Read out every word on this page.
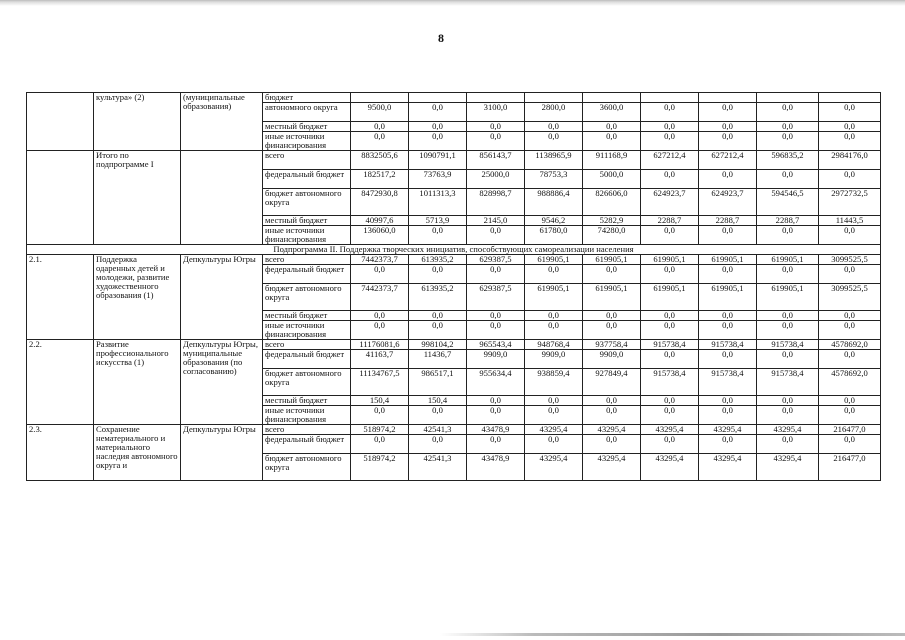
8
	культура» (2)	(муниципальные образования)	бюджет									
			автономного округа	9500,0	0,0	3100,0	2800,0	3600,0	0,0	0,0	0,0	0,0
			местный бюджет	0,0	0,0	0,0	0,0	0,0	0,0	0,0	0,0	0,0
			иные источники финансирования	0,0	0,0	0,0	0,0	0,0	0,0	0,0	0,0	0,0
	Итого по подпрограмме I		всего	8832505,6	1090791,1	856143,7	1138965,9	911168,9	627212,4	627212,4	596835,2	2984176,0
			федеральный бюджет	182517,2	73763,9	25000,0	78753,3	5000,0	0,0	0,0	0,0	0,0
			бюджет автономного округа	8472930,8	1011313,3	828998,7	988886,4	826606,0	624923,7	624923,7	594546,5	2972732,5
			местный бюджет	40997,6	5713,9	2145,0	9546,2	5282,9	2288,7	2288,7	2288,7	11443,5
			иные источники финансирования	136060,0	0,0	0,0	61780,0	74280,0	0,0	0,0	0,0	0,0
Подпрограмма II. Поддержка творческих инициатив, способствующих самореализации населения												
2.1.	Поддержка одаренных детей и молодежи, развитие художественного образования (1)	Депкультуры Югры	всего	7442373,7	613935,2	629387,5	619905,1	619905,1	619905,1	619905,1	619905,1	3099525,5
			федеральный бюджет	0,0	0,0	0,0	0,0	0,0	0,0	0,0	0,0	0,0
			бюджет автономного округа	7442373,7	613935,2	629387,5	619905,1	619905,1	619905,1	619905,1	619905,1	3099525,5
			местный бюджет	0,0	0,0	0,0	0,0	0,0	0,0	0,0	0,0	0,0
			иные источники финансирования	0,0	0,0	0,0	0,0	0,0	0,0	0,0	0,0	0,0
2.2.	Развитие профессионального искусства (1)	Депкультуры Югры, муниципальные образования (по согласованию)	всего	11176081,6	998104,2	965543,4	948768,4	937758,4	915738,4	915738,4	915738,4	4578692,0
			федеральный бюджет	41163,7	11436,7	9909,0	9909,0	9909,0	0,0	0,0	0,0	0,0
			бюджет автономного округа	11134767,5	986517,1	955634,4	938859,4	927849,4	915738,4	915738,4	915738,4	4578692,0
			местный бюджет	150,4	150,4	0,0	0,0	0,0	0,0	0,0	0,0	0,0
			иные источники финансирования	0,0	0,0	0,0	0,0	0,0	0,0	0,0	0,0	0,0
2.3.	Сохранение нематериального и материального наследия автономного округа и	Депкультуры Югры	всего	518974,2	42541,3	43478,9	43295,4	43295,4	43295,4	43295,4	43295,4	216477,0
			федеральный бюджет	0,0	0,0	0,0	0,0	0,0	0,0	0,0	0,0	0,0
			бюджет автономного округа	518974,2	42541,3	43478,9	43295,4	43295,4	43295,4	43295,4	43295,4	216477,0
